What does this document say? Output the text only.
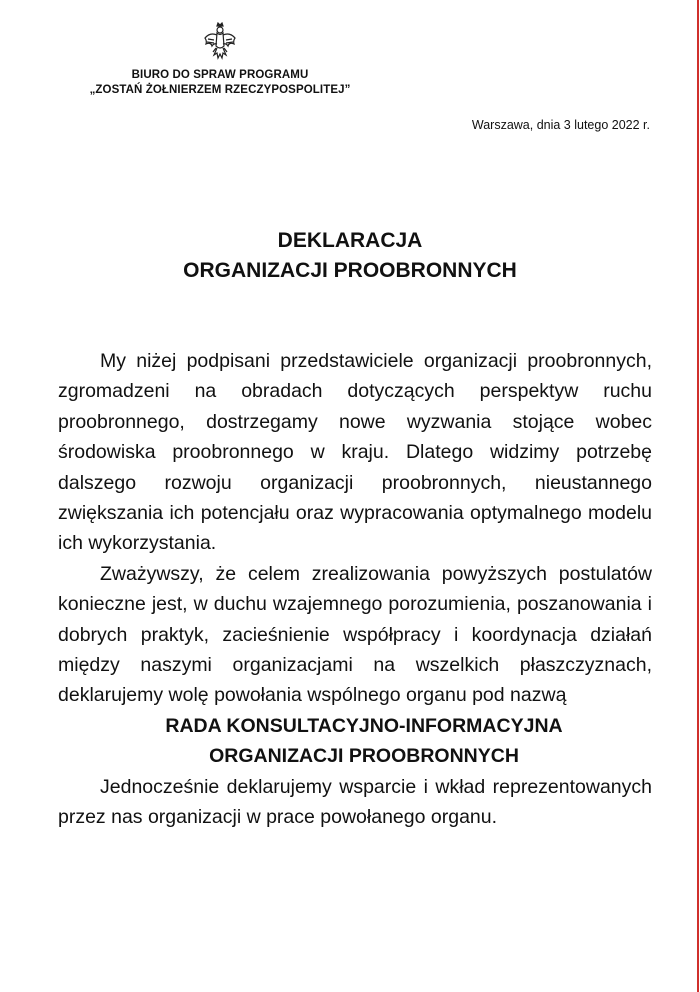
BIURO DO SPRAW PROGRAMU
„ZOSTAŃ ŻOŁNIERZEM RZECZYPOSPOLITEJ”
Warszawa, dnia 3 lutego 2022 r.
DEKLARACJA
ORGANIZACJI PROOBRONNYCH

My niżej podpisani przedstawiciele organizacji proobronnych, zgromadzeni na obradach dotyczących perspektyw ruchu proobronnego, dostrzegamy nowe wyzwania stojące wobec środowiska proobronnego w kraju. Dlatego widzimy potrzebę dalszego rozwoju organizacji proobronnych, nieustannego zwiększania ich potencjału oraz wypracowania optymalnego modelu ich wykorzystania.

Zważywszy, że celem zrealizowania powyższych postulatów konieczne jest, w duchu wzajemnego porozumienia, poszanowania i dobrych praktyk, zacieśnienie współpracy i koordynacja działań między naszymi organizacjami na wszelkich płaszczyznach, deklarujemy wolę powołania wspólnego organu pod nazwą

RADA KONSULTACYJNO-INFORMACYJNA
ORGANIZACJI PROOBRONNYCH

Jednocześnie deklarujemy wsparcie i wkład reprezentowanych przez nas organizacji w prace powołanego organu.
